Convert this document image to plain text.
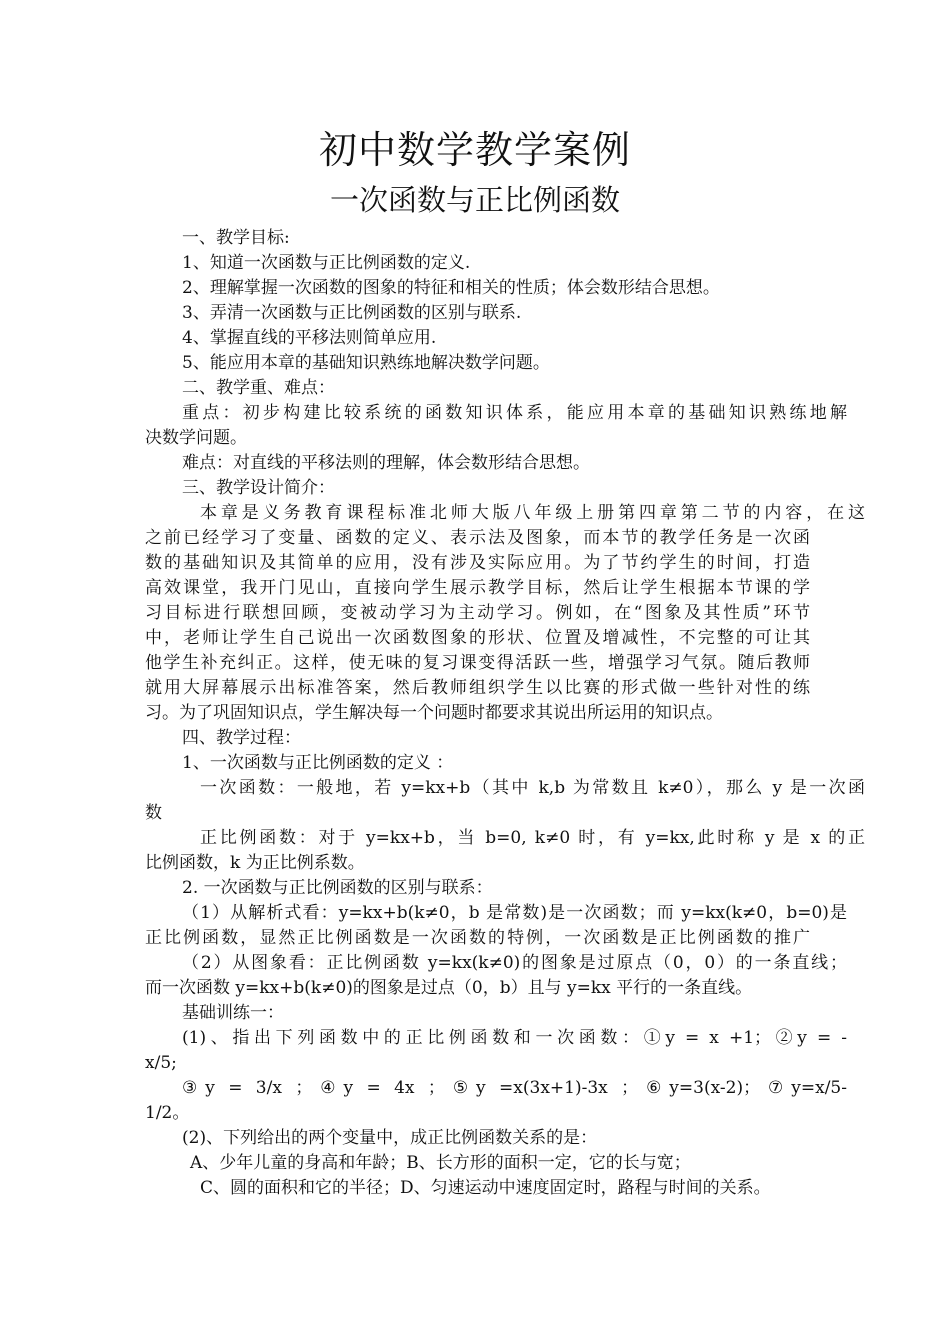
初中数学教学案例
一次函数与正比例函数
一、教学目标:
1、知道一次函数与正比例函数的定义.
2、理解掌握一次函数的图象的特征和相关的性质；体会数形结合思想。
3、弄清一次函数与正比例函数的区别与联系.
4、掌握直线的平移法则简单应用.
5、能应用本章的基础知识熟练地解决数学问题。
二、教学重、难点：
重点：初步构建比较系统的函数知识体系，能应用本章的基础知识熟练地解
决数学问题。
难点：对直线的平移法则的理解，体会数形结合思想。
三、教学设计简介：
本章是义务教育课程标准北师大版八年级上册第四章第二节的内容，在这
之前已经学习了变量、函数的定义、表示法及图象，而本节的教学任务是一次函
数的基础知识及其简单的应用，没有涉及实际应用。为了节约学生的时间，打造
高效课堂，我开门见山，直接向学生展示教学目标，然后让学生根据本节课的学
习目标进行联想回顾，变被动学习为主动学习。例如，在“图象及其性质”环节
中，老师让学生自己说出一次函数图象的形状、位置及增减性，不完整的可让其
他学生补充纠正。这样，使无味的复习课变得活跃一些，增强学习气氛。随后教师
就用大屏幕展示出标准答案，然后教师组织学生以比赛的形式做一些针对性的练
习。为了巩固知识点，学生解决每一个问题时都要求其说出所运用的知识点。
四、教学过程：
1、一次函数与正比例函数的定义 ：
一次函数：一般地，若 y=kx+b（其中 k,b 为常数且 k≠0），那么 y 是一次函
数
正比例函数：对于 y=kx+b，当 b=0, k≠0 时，有 y=kx,此时称 y 是 x 的正
比例函数，k 为正比例系数。
2. 一次函数与正比例函数的区别与联系：
（1）从解析式看：y=kx+b(k≠0，b 是常数)是一次函数；而 y=kx(k≠0，b=0)是
正比例函数，显然正比例函数是一次函数的特例，一次函数是正比例函数的推广
（2）从图象看：正比例函数 y=kx(k≠0)的图象是过原点（0，0）的一条直线；
而一次函数 y=kx+b(k≠0)的图象是过点（0，b）且与 y=kx 平行的一条直线。
基础训练一：
(1)、指出下列函数中的正比例函数和一次函数：①y = x +1；②y = -
x/5;
③y = 3/x ；④y = 4x ；⑤y =x(3x+1)-3x ；⑥y=3(x-2)；⑦y=x/5-
1/2。
(2)、下列给出的两个变量中，成正比例函数关系的是：
A、少年儿童的身高和年龄；B、长方形的面积一定，它的长与宽；
C、圆的面积和它的半径；D、匀速运动中速度固定时，路程与时间的关系。
